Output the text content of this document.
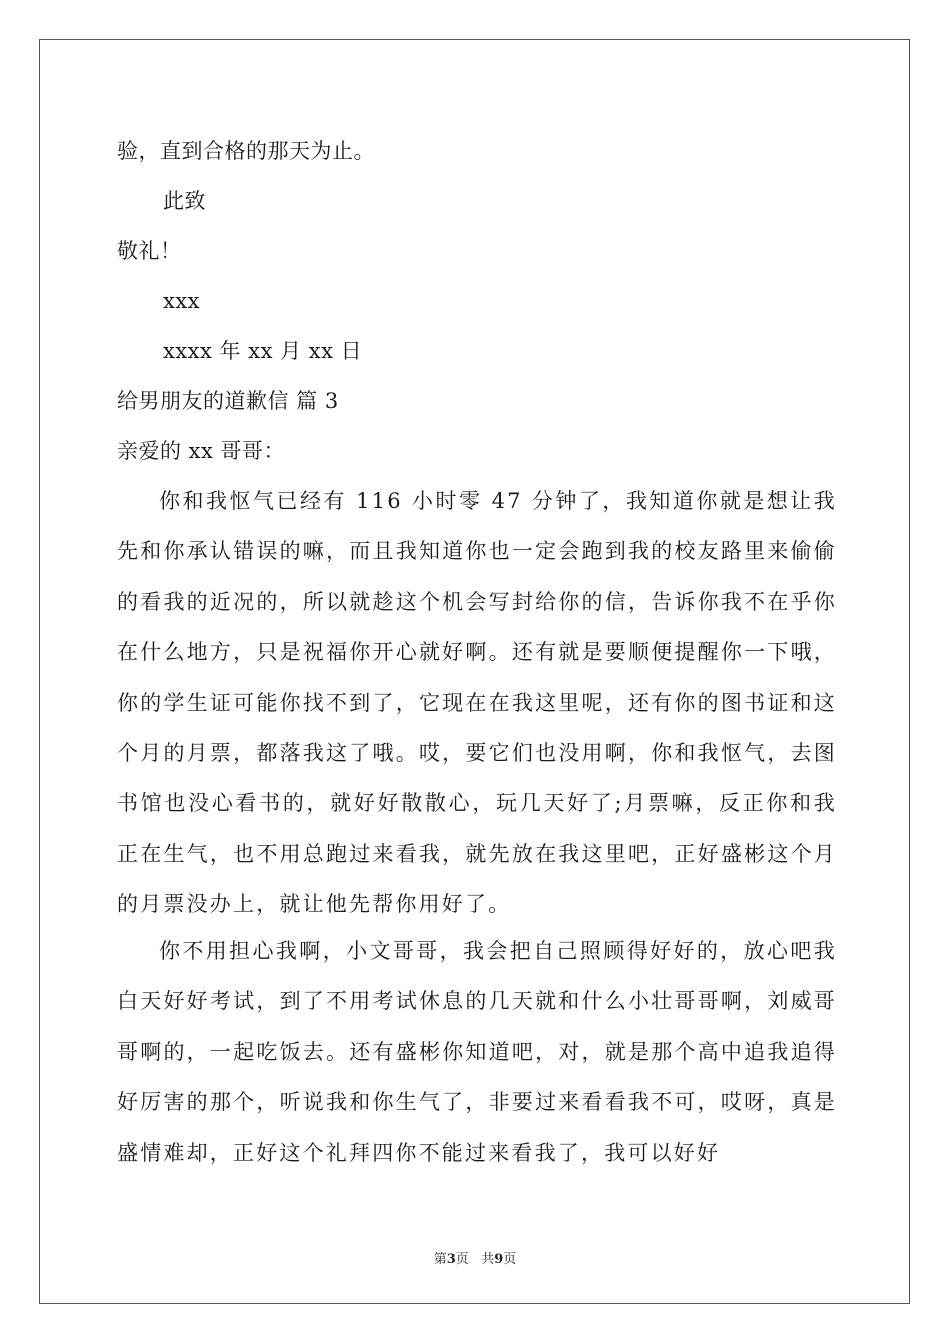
验，直到合格的那天为止。
此致
敬礼！
xxx
xxxx 年 xx 月 xx 日
给男朋友的道歉信 篇 3
亲爱的 xx 哥哥：
你和我怄气已经有 116 小时零 47 分钟了，我知道你就是想让我先和你承认错误的嘛，而且我知道你也一定会跑到我的校友路里来偷偷的看我的近况的，所以就趁这个机会写封给你的信，告诉你我不在乎你在什么地方，只是祝福你开心就好啊。还有就是要顺便提醒你一下哦，你的学生证可能你找不到了，它现在在我这里呢，还有你的图书证和这个月的月票，都落我这了哦。哎，要它们也没用啊，你和我怄气，去图书馆也没心看书的，就好好散散心，玩几天好了;月票嘛，反正你和我正在生气，也不用总跑过来看我，就先放在我这里吧，正好盛彬这个月的月票没办上，就让他先帮你用好了。
你不用担心我啊，小文哥哥，我会把自己照顾得好好的，放心吧我白天好好考试，到了不用考试休息的几天就和什么小壮哥哥啊，刘威哥哥啊的，一起吃饭去。还有盛彬你知道吧，对，就是那个高中追我追得好厉害的那个，听说我和你生气了，非要过来看看我不可，哎呀，真是盛情难却，正好这个礼拜四你不能过来看我了，我可以好好
第3页 共9页
